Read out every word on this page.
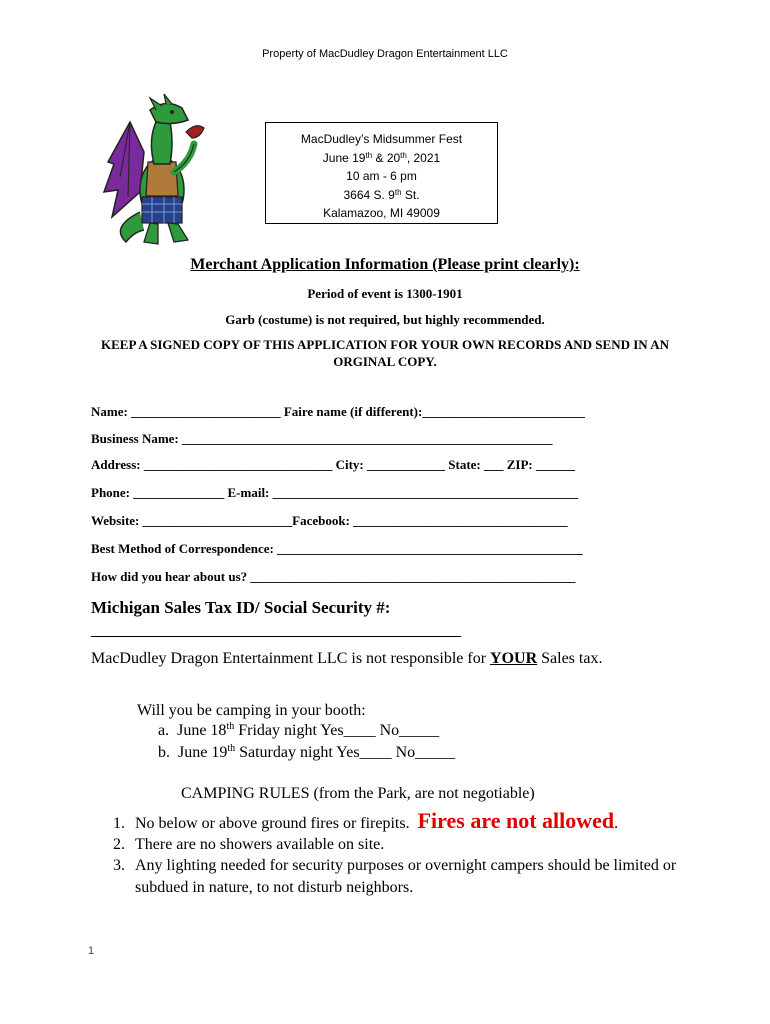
Property of MacDudley Dragon Entertainment LLC
MacDudley’s Midsummer Fest
June 19th & 20th, 2021
10 am - 6 pm
3664 S. 9th St.
Kalamazoo, MI 49009
Merchant Application Information (Please print clearly):
Period of event is 1300-1901
Garb (costume) is not required, but highly recommended.
KEEP A SIGNED COPY OF THIS APPLICATION FOR YOUR OWN RECORDS AND SEND IN AN ORGINAL COPY.
Name: _______________________ Faire name (if different):_________________________
Business Name: _________________________________________________________
Address: _____________________________ City: ____________ State: ___ ZIP: ______
Phone: ______________ E-mail: _______________________________________________
Website: _______________________Facebook: _________________________________
Best Method of Correspondence: _______________________________________________
How did you hear about us? __________________________________________________
Michigan Sales Tax ID/ Social Security #:
MacDudley Dragon Entertainment LLC is not responsible for YOUR Sales tax.
Will you be camping in your booth:
a.  June 18th Friday night Yes____ No_____
b.  June 19th Saturday night Yes____ No_____
CAMPING RULES (from the Park, are not negotiable)
1. No below or above ground fires or firepits. Fires are not allowed.
2. There are no showers available on site.
3. Any lighting needed for security purposes or overnight campers should be limited or subdued in nature, to not disturb neighbors.
1
